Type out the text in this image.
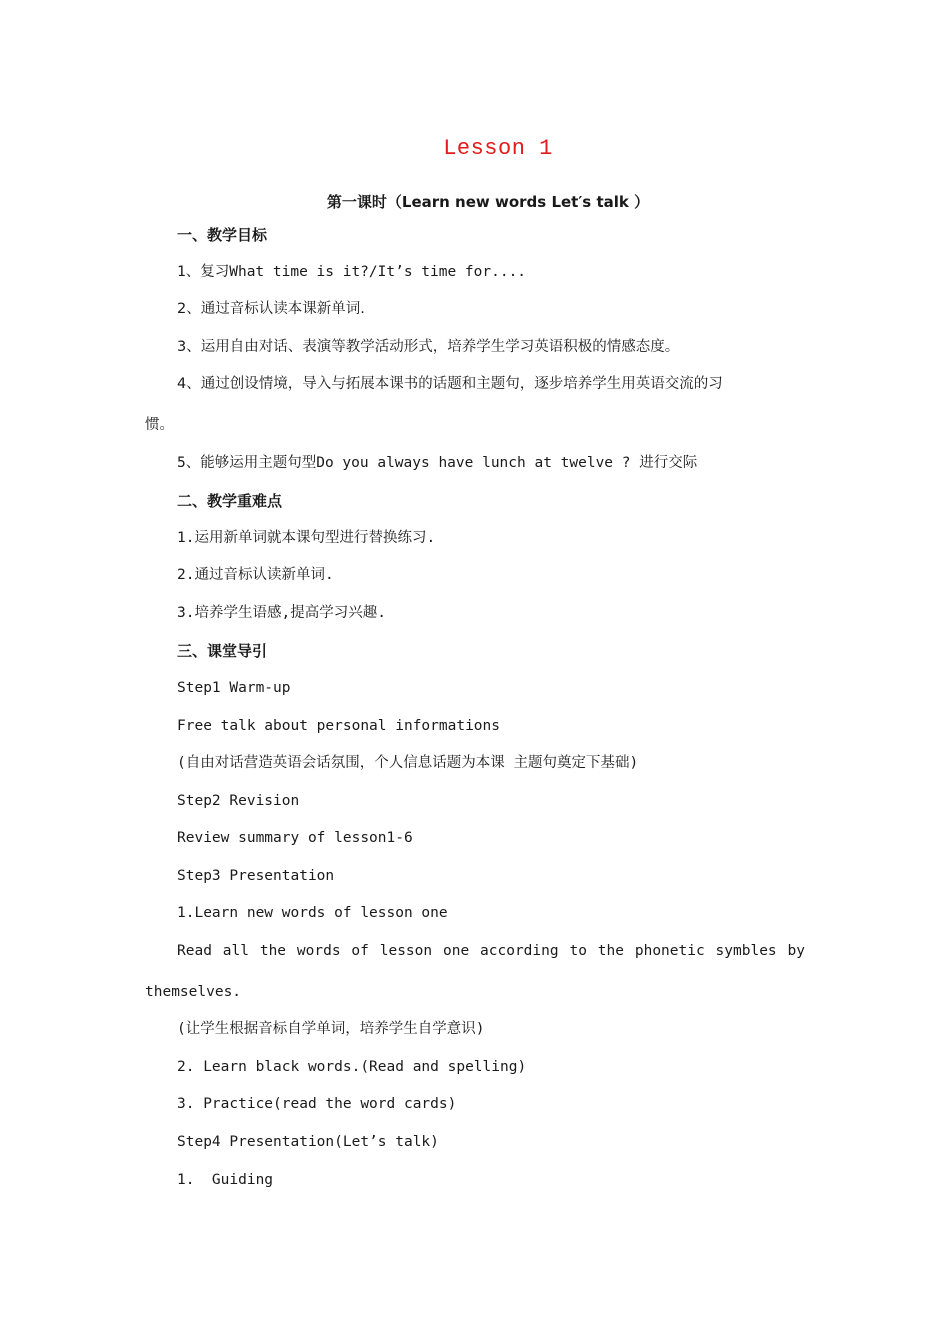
Lesson 1
第一课时（Learn new words Let′s talk ）
一、教学目标
1、复习What time is it?/It’s time for....
2、通过音标认读本课新单词.
3、运用自由对话、表演等教学活动形式，培养学生学习英语积极的情感态度。
4、通过创设情境，导入与拓展本课书的话题和主题句，逐步培养学生用英语交流的习
惯。
5、能够运用主题句型Do you always have lunch at twelve ? 进行交际
二、教学重难点
1.运用新单词就本课句型进行替换练习.
2.通过音标认读新单词.
3.培养学生语感,提高学习兴趣.
三、课堂导引
Step1 Warm-up
Free talk about personal informations
(自由对话营造英语会话氛围，个人信息话题为本课 主题句奠定下基础)
Step2 Revision
Review summary of lesson1-6
Step3 Presentation
1.Learn new words of lesson one
Read all the words of lesson one according to the phonetic symbles by
themselves.
(让学生根据音标自学单词，培养学生自学意识)
2. Learn black words.(Read and spelling)
3. Practice(read the word cards)
Step4 Presentation(Let’s talk)
1.  Guiding
